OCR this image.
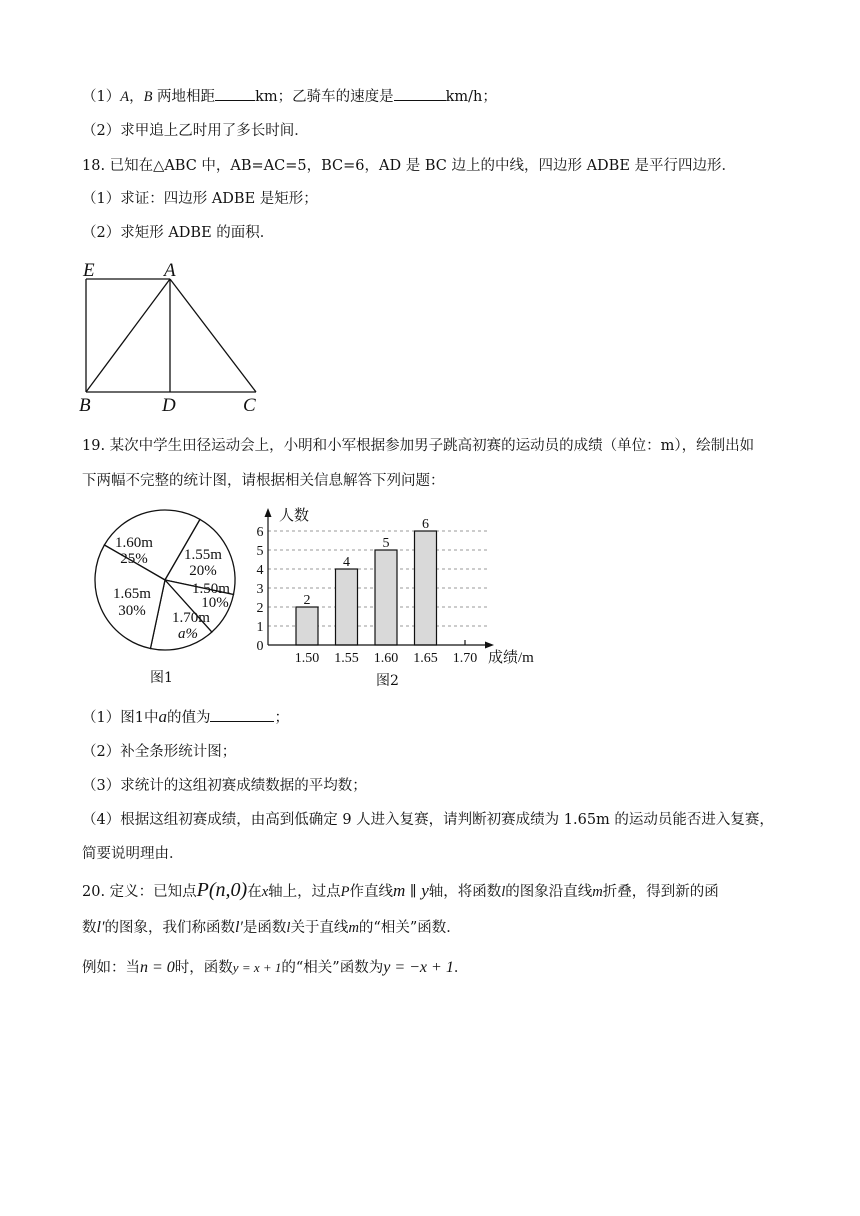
（1）A，B 两地相距	km；乙骑车的速度是	km/h；
（2）求甲追上乙时用了多长时间．
18. 已知在△ABC 中，AB=AC=5，BC=6，AD 是 BC 边上的中线，四边形 ADBE 是平行四边形．
（1）求证：四边形 ADBE 是矩形；
（2）求矩形 ADBE 的面积．
E	A
B	D	C
19. 某次中学生田径运动会上，小明和小军根据参加男子跳高初赛的运动员的成绩（单位：m），绘制出如
下两幅不完整的统计图，请根据相关信息解答下列问题：
1.60m
25% 1.55m
20%
1.50m
10%
1.70m
a%
1.65m
30%
图1
人数
成绩/m
0
1
2
3
4
5
6
1.50 1.55 1.60 1.65 1.70
2
4
5
6
图2
（1）图1中a的值为	；
（2）补全条形统计图；
（3）求统计的这组初赛成绩数据的平均数；
（4）根据这组初赛成绩，由高到低确定 9 人进入复赛，请判断初赛成绩为 1.65m 的运动员能否进入复赛，
简要说明理由．
20. 定义：已知点P(n,0)在x轴上，过点P作直线m ∥ y轴，将函数l的图象沿直线m折叠，得到新的函
数l′的图象，我们称函数l′是函数l关于直线m的“相关”函数．
例如：当n = 0时，函数y = x + 1的“相关”函数为y = −x + 1．
